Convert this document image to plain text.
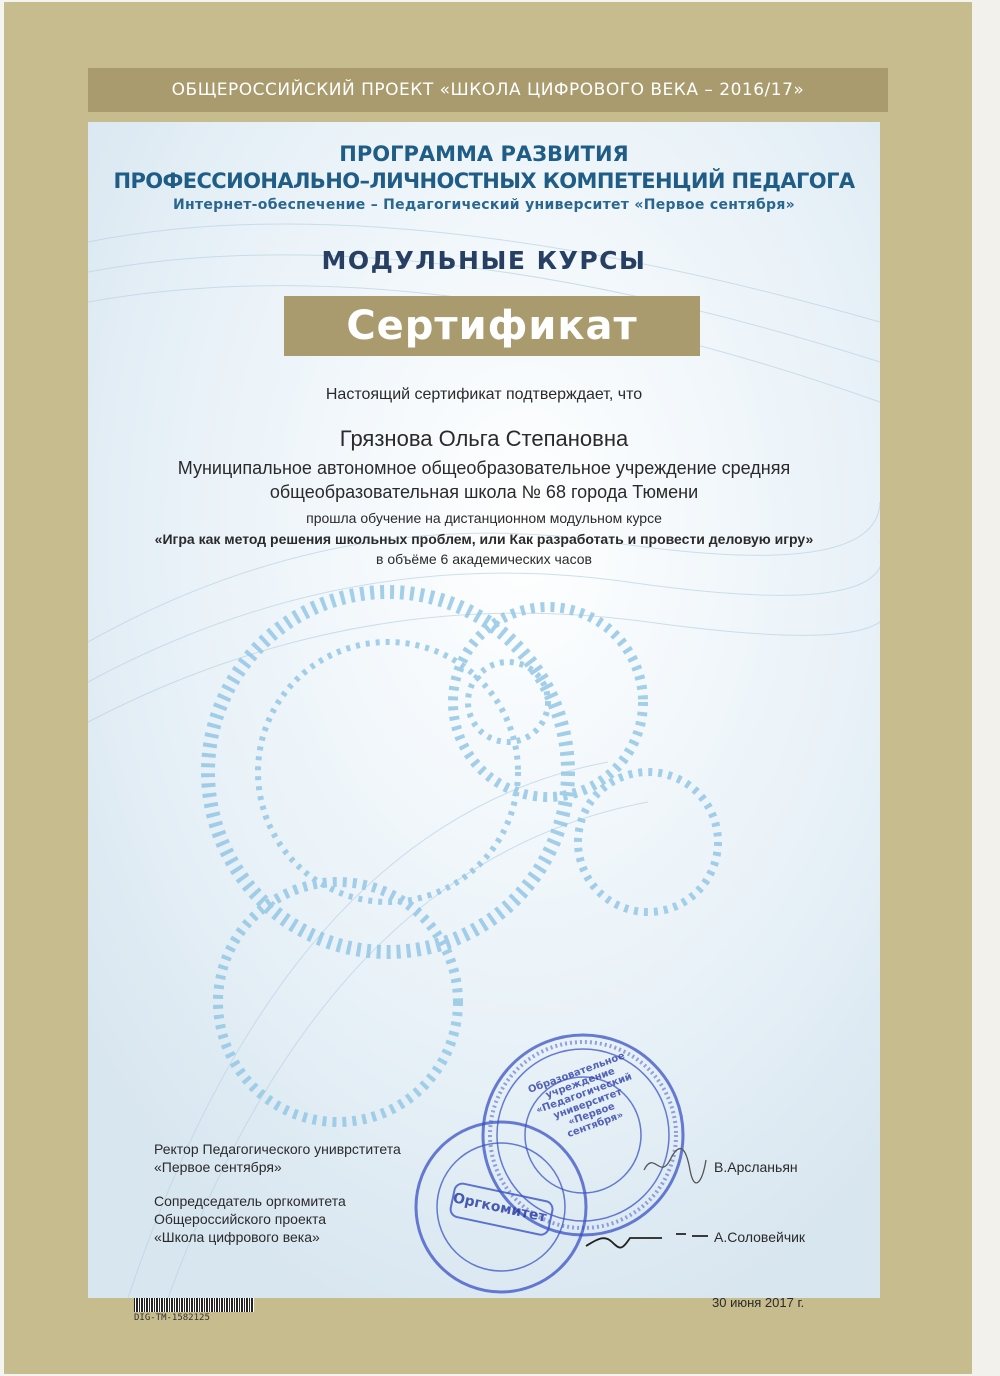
ОБЩЕРОССИЙСКИЙ ПРОЕКТ «ШКОЛА ЦИФРОВОГО ВЕКА – 2016/17»
ПРОГРАММА РАЗВИТИЯ
ПРОФЕССИОНАЛЬНО–ЛИЧНОСТНЫХ КОМПЕТЕНЦИЙ ПЕДАГОГА
Интернет-обеспечение – Педагогический университет «Первое сентября»
МОДУЛЬНЫЕ КУРСЫ
Сертификат
Настоящий сертификат подтверждает, что
Грязнова Ольга Степановна
Муниципальное автономное общеобразовательное учреждение средняя
общеобразовательная школа № 68 города Тюмени
прошла обучение на дистанционном модульном курсе
«Игра как метод решения школьных проблем, или Как разработать и провести деловую игру»
в объёме 6 академических часов
Ректор Педагогического униврститета
«Первое сентября»	В.Арсланьян
Сопредседатель оргкомитета
Общероссийского проекта
«Школа цифрового века»	А.Соловейчик
30 июня 2017 г.
Образовательное учреждение «Педагогический университет «Первое сентября»
Оргкомитет
DIG-TM-1582125
